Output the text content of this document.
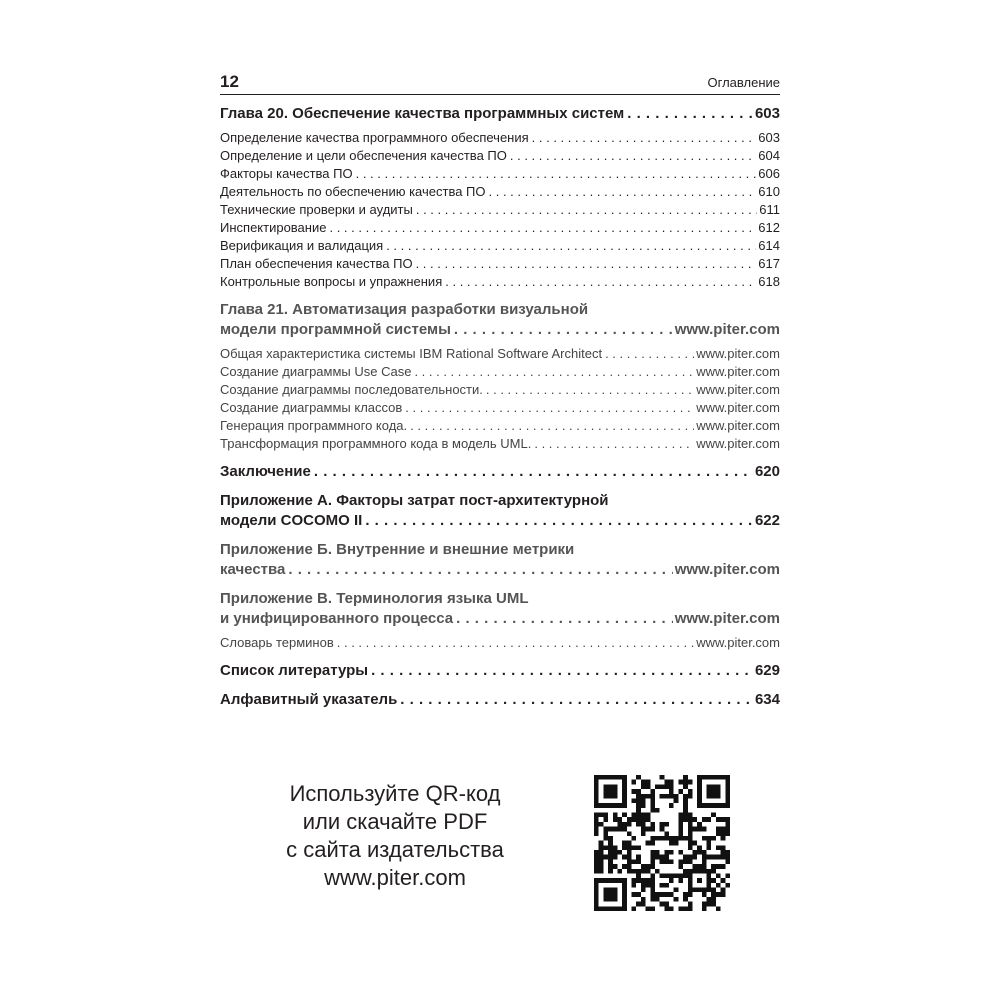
12	Оглавление
Глава 20. Обеспечение качества программных систем . . .	603
Определение качества программного обеспечения . . .	603
Определение и цели обеспечения качества ПО . . .	604
Факторы качества ПО . . .	606
Деятельность по обеспечению качества ПО . . .	610
Технические проверки и аудиты . . .	611
Инспектирование . . .	612
Верификация и валидация . . .	614
План обеспечения качества ПО . . .	617
Контрольные вопросы и упражнения . . .	618
Глава 21. Автоматизация разработки визуальной
модели программной системы . . .	www.piter.com
Общая характеристика системы IBM Rational Software Architect . . .	www.piter.com
Создание диаграммы Use Case . . .	www.piter.com
Создание диаграммы последовательности. . . .	www.piter.com
Создание диаграммы классов . . .	www.piter.com
Генерация программного кода. . . .	www.piter.com
Трансформация программного кода в модель UML. . . .	www.piter.com
Заключение . . .	620
Приложение А. Факторы затрат пост-архитектурной
модели COCOMO II . . .	622
Приложение Б. Внутренние и внешние метрики
качества . . .	www.piter.com
Приложение В. Терминология языка UML
и унифицированного процесса . . .	www.piter.com
Словарь терминов . . .	www.piter.com
Список литературы . . .	629
Алфавитный указатель . . .	634
Используйте QR-код
или скачайте PDF
с сайта издательства
www.piter.com
